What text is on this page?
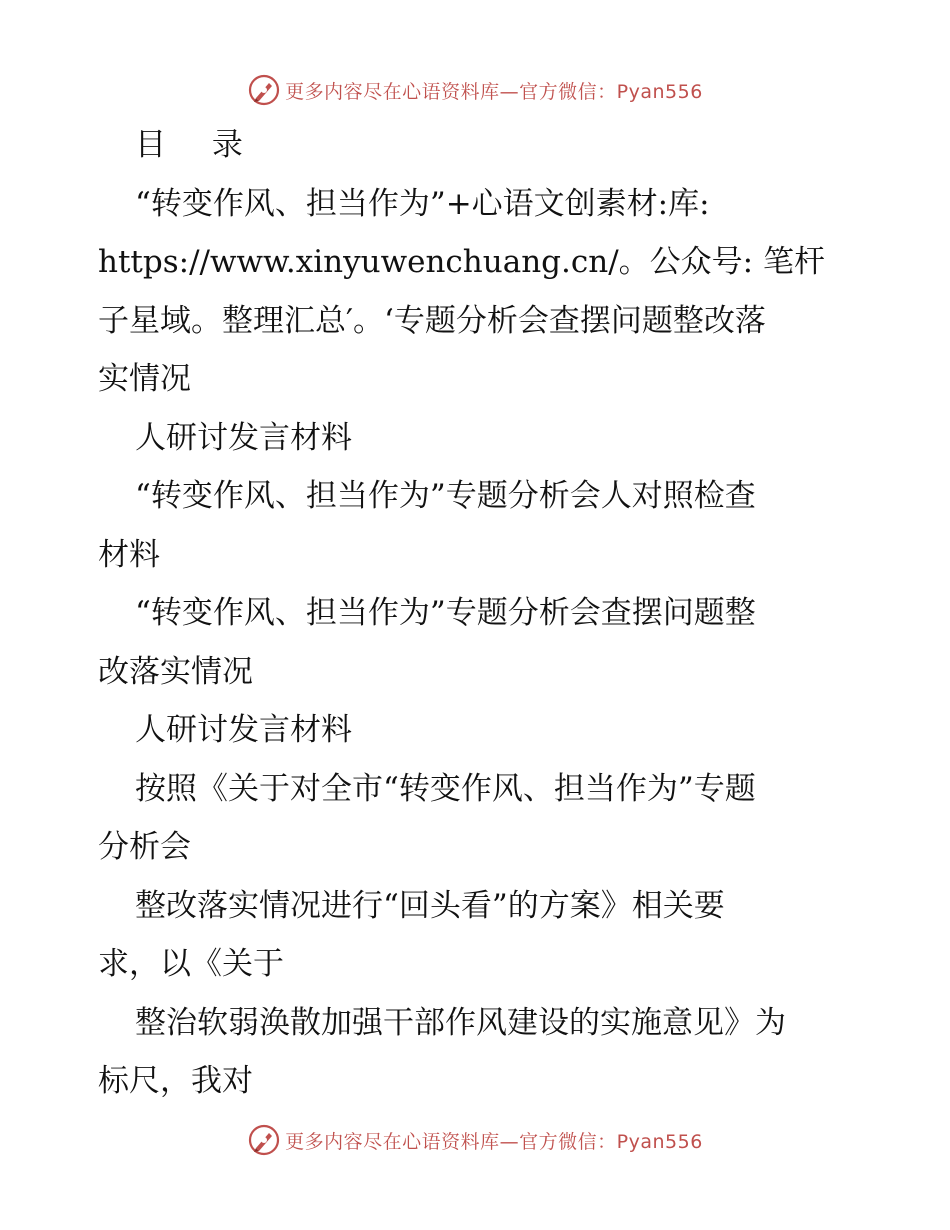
更多内容尽在心语资料库—官方微信：Pyan556
目 录
“转变作风、担当作为”+心语文创素材:库:
https://www.xinyuwenchuang.cn/。公众号: 笔杆
子星域。整理汇总′。‘专题分析会查摆问题整改落
实情况
人研讨发言材料
“转变作风、担当作为”专题分析会人对照检查
材料
“转变作风、担当作为”专题分析会查摆问题整
改落实情况
人研讨发言材料
按照《关于对全市“转变作风、担当作为”专题
分析会
整改落实情况进行“回头看”的方案》相关要
求，以《关于
整治软弱涣散加强干部作风建设的实施意见》为
标尺，我对
更多内容尽在心语资料库—官方微信：Pyan556
